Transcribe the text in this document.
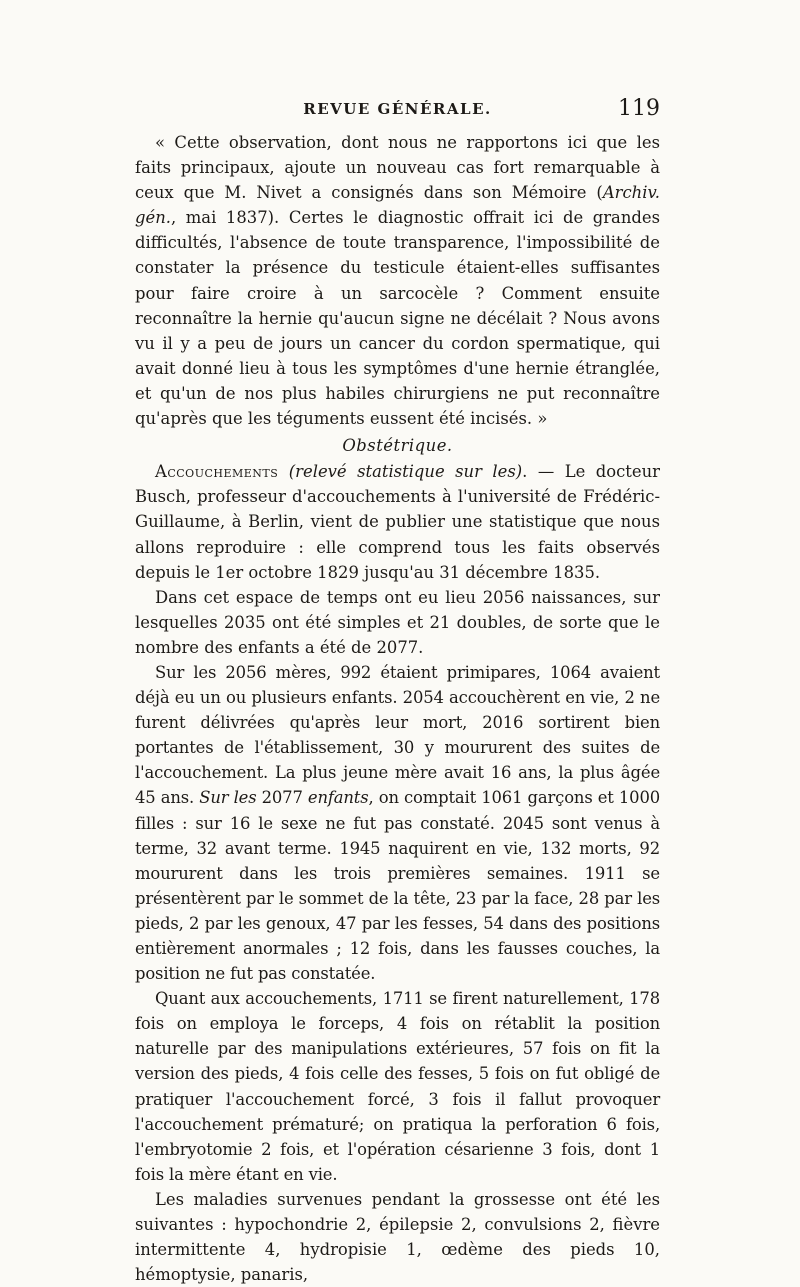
REVUE GÉNÉRALE.	119

« Cette observation, dont nous ne rapportons ici que les faits principaux, ajoute un nouveau cas fort remarquable à ceux que M. Nivet a consignés dans son Mémoire (Archiv. gén., mai 1837). Certes le diagnostic offrait ici de grandes difficultés, l'absence de toute transparence, l'impossibilité de constater la présence du testicule étaient-elles suffisantes pour faire croire à un sarcocèle ? Comment ensuite reconnaître la hernie qu'aucun signe ne décélait ? Nous avons vu il y a peu de jours un cancer du cordon spermatique, qui avait donné lieu à tous les symptômes d'une hernie étranglée, et qu'un de nos plus habiles chirurgiens ne put reconnaître qu'après que les téguments eussent été incisés. »

Obstétrique.

Accouchements (relevé statistique sur les). — Le docteur Busch, professeur d'accouchements à l'université de Frédéric-Guillaume, à Berlin, vient de publier une statistique que nous allons reproduire : elle comprend tous les faits observés depuis le 1er octobre 1829 jusqu'au 31 décembre 1835.

Dans cet espace de temps ont eu lieu 2056 naissances, sur lesquelles 2035 ont été simples et 21 doubles, de sorte que le nombre des enfants a été de 2077.

Sur les 2056 mères, 992 étaient primipares, 1064 avaient déjà eu un ou plusieurs enfants. 2054 accouchèrent en vie, 2 ne furent délivrées qu'après leur mort, 2016 sortirent bien portantes de l'établissement, 30 y moururent des suites de l'accouchement. La plus jeune mère avait 16 ans, la plus âgée 45 ans. Sur les 2077 enfants, on comptait 1061 garçons et 1000 filles : sur 16 le sexe ne fut pas constaté. 2045 sont venus à terme, 32 avant terme. 1945 naquirent en vie, 132 morts, 92 moururent dans les trois premières semaines. 1911 se présentèrent par le sommet de la tête, 23 par la face, 28 par les pieds, 2 par les genoux, 47 par les fesses, 54 dans des positions entièrement anormales ; 12 fois, dans les fausses couches, la position ne fut pas constatée.

Quant aux accouchements, 1711 se firent naturellement, 178 fois on employa le forceps, 4 fois on rétablit la position naturelle par des manipulations extérieures, 57 fois on fit la version des pieds, 4 fois celle des fesses, 5 fois on fut obligé de pratiquer l'accouchement forcé, 3 fois il fallut provoquer l'accouchement prématuré; on pratiqua la perforation 6 fois, l'embryotomie 2 fois, et l'opération césarienne 3 fois, dont 1 fois la mère étant en vie.

Les maladies survenues pendant la grossesse ont été les suivantes : hypochondrie 2, épilepsie 2, convulsions 2, fièvre intermittente 4, hydropisie 1, œdème des pieds 10, hémoptysie, panaris,
